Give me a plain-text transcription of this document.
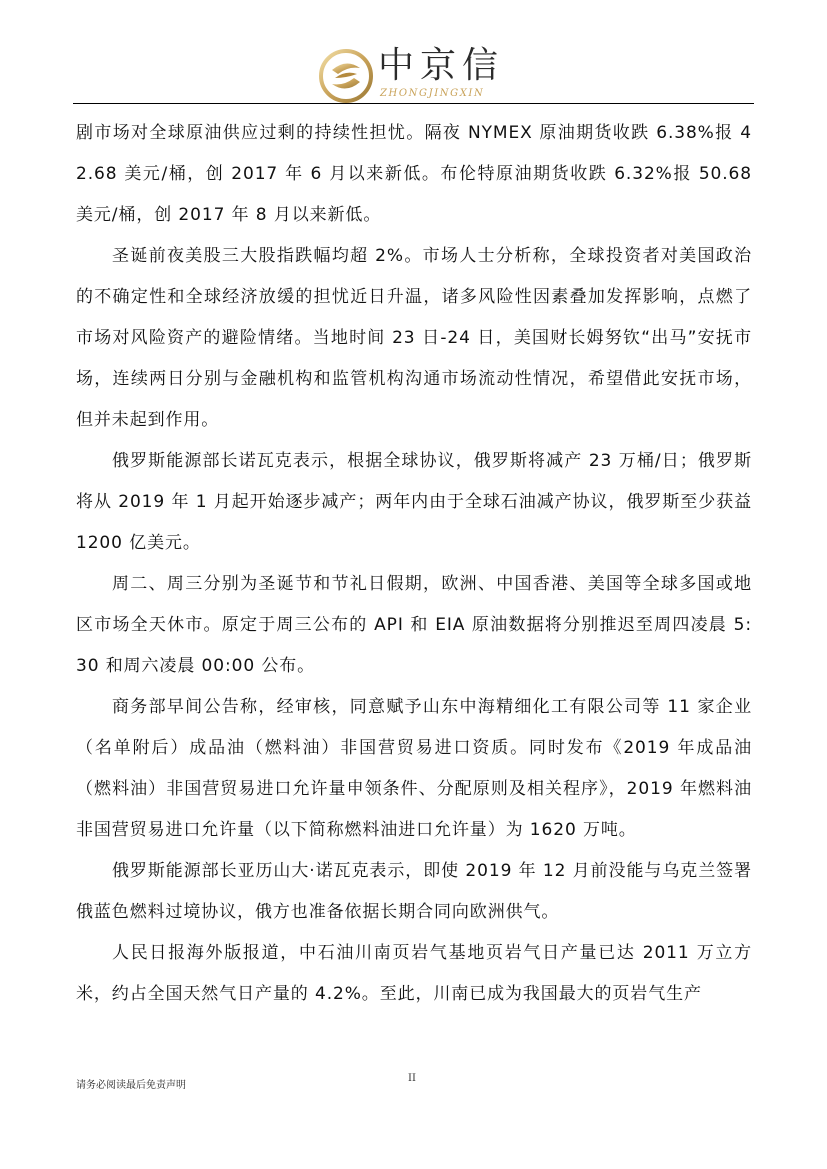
中京信
ZHONGJINGXIN

剧市场对全球原油供应过剩的持续性担忧。隔夜 NYMEX 原油期货收跌 6.38%报 42.68 美元/桶，创 2017 年 6 月以来新低。布伦特原油期货收跌 6.32%报 50.68 美元/桶，创 2017 年 8 月以来新低。

圣诞前夜美股三大股指跌幅均超 2%。市场人士分析称，全球投资者对美国政治的不确定性和全球经济放缓的担忧近日升温，诸多风险性因素叠加发挥影响，点燃了市场对风险资产的避险情绪。当地时间 23 日-24 日，美国财长姆努钦“出马”安抚市场，连续两日分别与金融机构和监管机构沟通市场流动性情况，希望借此安抚市场，但并未起到作用。

俄罗斯能源部长诺瓦克表示，根据全球协议，俄罗斯将减产 23 万桶/日；俄罗斯将从 2019 年 1 月起开始逐步减产；两年内由于全球石油减产协议，俄罗斯至少获益 1200 亿美元。

周二、周三分别为圣诞节和节礼日假期，欧洲、中国香港、美国等全球多国或地区市场全天休市。原定于周三公布的 API 和 EIA 原油数据将分别推迟至周四凌晨 5:30 和周六凌晨 00:00 公布。

商务部早间公告称，经审核，同意赋予山东中海精细化工有限公司等 11 家企业（名单附后）成品油（燃料油）非国营贸易进口资质。同时发布《2019 年成品油（燃料油）非国营贸易进口允许量申领条件、分配原则及相关程序》，2019 年燃料油非国营贸易进口允许量（以下简称燃料油进口允许量）为 1620 万吨。

俄罗斯能源部长亚历山大·诺瓦克表示，即使 2019 年 12 月前没能与乌克兰签署俄蓝色燃料过境协议，俄方也准备依据长期合同向欧洲供气。

人民日报海外版报道，中石油川南页岩气基地页岩气日产量已达 2011 万立方米，约占全国天然气日产量的 4.2%。至此，川南已成为我国最大的页岩气生产

请务必阅读最后免责声明
II
